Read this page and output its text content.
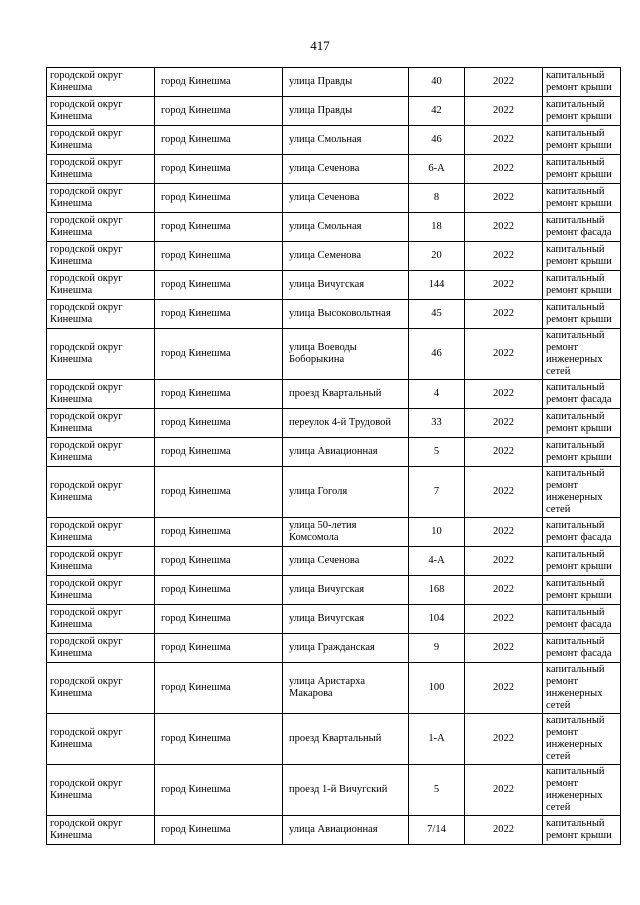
417
городской округ Кинешма	город Кинешма	улица Правды	40	2022	капитальный ремонт крыши
городской округ Кинешма	город Кинешма	улица Правды	42	2022	капитальный ремонт крыши
городской округ Кинешма	город Кинешма	улица Смольная	46	2022	капитальный ремонт крыши
городской округ Кинешма	город Кинешма	улица Сеченова	6-А	2022	капитальный ремонт крыши
городской округ Кинешма	город Кинешма	улица Сеченова	8	2022	капитальный ремонт крыши
городской округ Кинешма	город Кинешма	улица Смольная	18	2022	капитальный ремонт фасада
городской округ Кинешма	город Кинешма	улица Семенова	20	2022	капитальный ремонт крыши
городской округ Кинешма	город Кинешма	улица Вичугская	144	2022	капитальный ремонт крыши
городской округ Кинешма	город Кинешма	улица Высоковольтная	45	2022	капитальный ремонт крыши
городской округ Кинешма	город Кинешма	улица Воеводы Боборыкина	46	2022	капитальный ремонт инженерных сетей
городской округ Кинешма	город Кинешма	проезд Квартальный	4	2022	капитальный ремонт фасада
городской округ Кинешма	город Кинешма	переулок 4-й Трудовой	33	2022	капитальный ремонт крыши
городской округ Кинешма	город Кинешма	улица Авиационная	5	2022	капитальный ремонт крыши
городской округ Кинешма	город Кинешма	улица Гоголя	7	2022	капитальный ремонт инженерных сетей
городской округ Кинешма	город Кинешма	улица 50-летия Комсомола	10	2022	капитальный ремонт фасада
городской округ Кинешма	город Кинешма	улица Сеченова	4-А	2022	капитальный ремонт крыши
городской округ Кинешма	город Кинешма	улица Вичугская	168	2022	капитальный ремонт крыши
городской округ Кинешма	город Кинешма	улица Вичугская	104	2022	капитальный ремонт фасада
городской округ Кинешма	город Кинешма	улица Гражданская	9	2022	капитальный ремонт фасада
городской округ Кинешма	город Кинешма	улица Аристарха Макарова	100	2022	капитальный ремонт инженерных сетей
городской округ Кинешма	город Кинешма	проезд Квартальный	1-А	2022	капитальный ремонт инженерных сетей
городской округ Кинешма	город Кинешма	проезд 1-й Вичугский	5	2022	капитальный ремонт инженерных сетей
городской округ Кинешма	город Кинешма	улица Авиационная	7/14	2022	капитальный ремонт крыши
